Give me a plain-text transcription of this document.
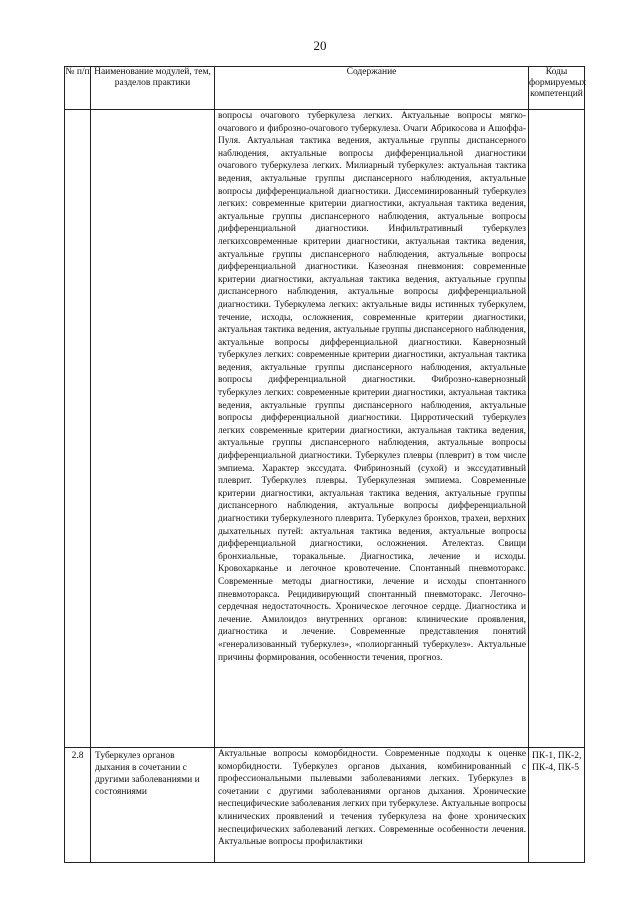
20
№ п/п	Наименование модулей, тем, разделов практики	Содержание	Коды формируемых компетенций
		вопросы очагового туберкулеза легких. Актуальные вопросы мягко-очагового и фиброзно-очагового туберкулеза. Очаги Абрикосова и Ашоффа-Пуля. Актуальная тактика ведения, актуальные группы диспансерного наблюдения, актуальные вопросы дифференциальной диагностики очагового туберкулеза легких. Милиарный туберкулез: актуальная тактика ведения, актуальные группы диспансерного наблюдения, актуальные вопросы дифференциальной диагностики. Диссеминированный туберкулез легких: современные критерии диагностики, актуальная тактика ведения, актуальные группы диспансерного наблюдения, актуальные вопросы дифференциальной диагностики. Инфильтративный туберкулез легкихсовременные критерии диагностики, актуальная тактика ведения, актуальные группы диспансерного наблюдения, актуальные вопросы дифференциальной диагностики. Казеозная пневмония: современные критерии диагностики, актуальная тактика ведения, актуальные группы диспансерного наблюдения, актуальные вопросы дифференциальной диагностики. Туберкулема легких: актуальные виды истинных туберкулем, течение, исходы, осложнения, современные критерии диагностики, актуальная тактика ведения, актуальные группы диспансерного наблюдения, актуальные вопросы дифференциальной диагностики. Кавернозный туберкулез легких: современные критерии диагностики, актуальная тактика ведения, актуальные группы диспансерного наблюдения, актуальные вопросы дифференциальной диагностики. Фиброзно-кавернозный туберкулез легких: современные критерии диагностики, актуальная тактика ведения, актуальные группы диспансерного наблюдения, актуальные вопросы дифференциальной диагностики. Цирротический туберкулез легких современные критерии диагностики, актуальная тактика ведения, актуальные группы диспансерного наблюдения, актуальные вопросы дифференциальной диагностики. Туберкулез плевры (плеврит) в том числе эмпиема. Характер экссудата. Фибринозный (сухой) и экссудативный плеврит. Туберкулез плевры. Туберкулезная эмпиема. Современные критерии диагностики, актуальная тактика ведения, актуальные группы диспансерного наблюдения, актуальные вопросы дифференциальной диагностики туберкулезного плеврита. Туберкулез бронхов, трахеи, верхних дыхательных путей: актуальная тактика ведения, актуальные вопросы дифференциальной диагностики, осложнения. Ателектаз. Свищи бронхиальные, торакальные. Диагностика, лечение и исходы. Кровохарканье и легочное кровотечение. Спонтанный пневмоторакс. Современные методы диагностики, лечение и исходы спонтанного пневмоторакса. Рецидивирующий спонтанный пневмоторакс. Легочно-сердечная недостаточность. Хроническое легочное сердце. Диагностика и лечение. Амилоидоз внутренних органов: клинические проявления, диагностика и лечение. Современные представления понятий «генерализованный туберкулез», «полиорганный туберкулез». Актуальные причины формирования, особенности течения, прогноз.	
2.8	Туберкулез органов дыхания в сочетании с другими заболеваниями и состояниями	Актуальные вопросы коморбидности. Современные подходы к оценке коморбидности. Туберкулез органов дыхания, комбинированный с профессиональными пылевыми заболеваниями легких. Туберкулез в сочетании с другими заболеваниями органов дыхания. Хронические неспецифические заболевания легких при туберкулезе. Актуальные вопросы клинических проявлений и течения туберкулеза на фоне хронических неспецифических заболеваний легких. Современные особенности лечения. Актуальные вопросы профилактики	ПК-1, ПК-2, ПК-4, ПК-5
